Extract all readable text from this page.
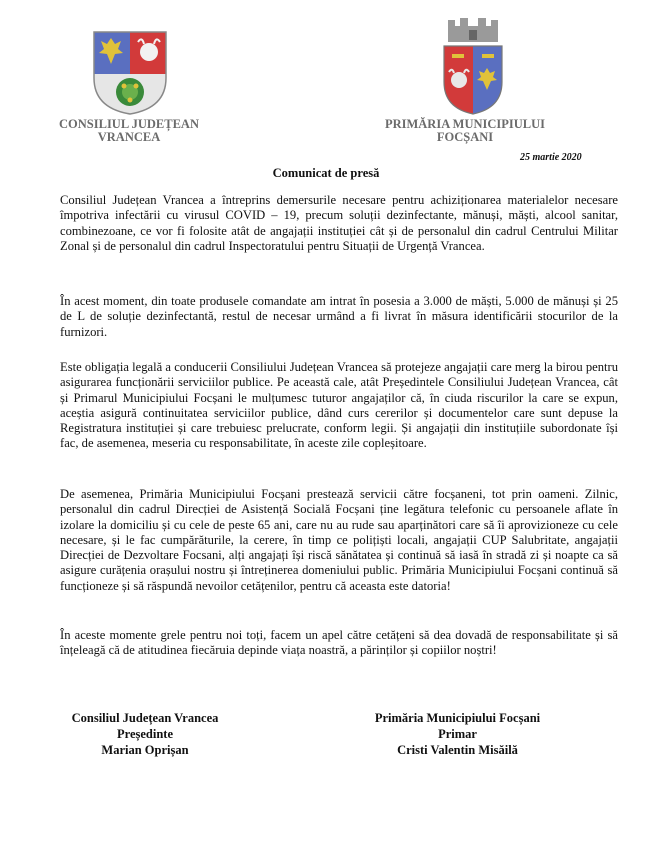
CONSILIUL JUDEȚEAN
VRANCEA
PRIMĂRIA MUNICIPIULUI
FOCȘANI
25 martie 2020
Comunicat de presă

Consiliul Județean Vrancea a întreprins demersurile necesare pentru achiziționarea materialelor necesare împotriva infectării cu virusul COVID – 19, precum soluții dezinfectante, mănuși, măști, alcool sanitar, combinezoane, ce vor fi folosite atât de angajații instituției cât și de personalul din cadrul Centrului Militar Zonal și de personalul din cadrul Inspectoratului pentru Situații de Urgență Vrancea.

În acest moment, din toate produsele comandate am intrat în posesia a 3.000 de măști, 5.000 de mănuși și 25 de L de soluție dezinfectantă, restul de necesar urmând a fi livrat în măsura identificării stocurilor de la furnizori.

Este obligația legală a conducerii Consiliului Județean Vrancea să protejeze angajații care merg la birou pentru asigurarea funcționării serviciilor publice. Pe această cale, atât Președintele Consiliului Județean Vrancea, cât și Primarul Municipiului Focșani le mulțumesc tuturor angajaților că, în ciuda riscurilor la care se expun, aceștia asigură continuitatea serviciilor publice, dând curs cererilor și documentelor care sunt depuse la Registratura instituției și care trebuiesc prelucrate, conform legii. Și angajații din instituțiile subordonate își fac, de asemenea, meseria cu responsabilitate, în aceste zile copleșitoare.

De asemenea, Primăria Municipiului Focșani prestează servicii către focșaneni, tot prin oameni. Zilnic, personalul din cadrul Direcției de Asistență Socială Focșani ține legătura telefonic cu persoanele aflate în izolare la domiciliu și cu cele de peste 65 ani, care nu au rude sau aparținători care să îi aprovizioneze cu cele necesare, și le fac cumpărăturile, la cerere, în timp ce polițiști locali, angajații CUP Salubritate, angajații Direcției de Dezvoltare Focsani, alți angajați își riscă sănătatea și continuă să iasă în stradă zi și noapte ca să asigure curățenia orașului nostru și întreținerea domeniului public. Primăria Municipiului Focșani continuă să funcționeze și să răspundă nevoilor cetățenilor, pentru că aceasta este datoria!

În aceste momente grele pentru noi toți, facem un apel către cetățeni să dea dovadă de responsabilitate și să înțeleagă că de atitudinea fiecăruia depinde viața noastră, a părinților și copiilor noștri!

Consiliul Județean Vrancea
Președinte
Marian Oprișan
Primăria Municipiului Focșani
Primar
Cristi Valentin Misăilă
